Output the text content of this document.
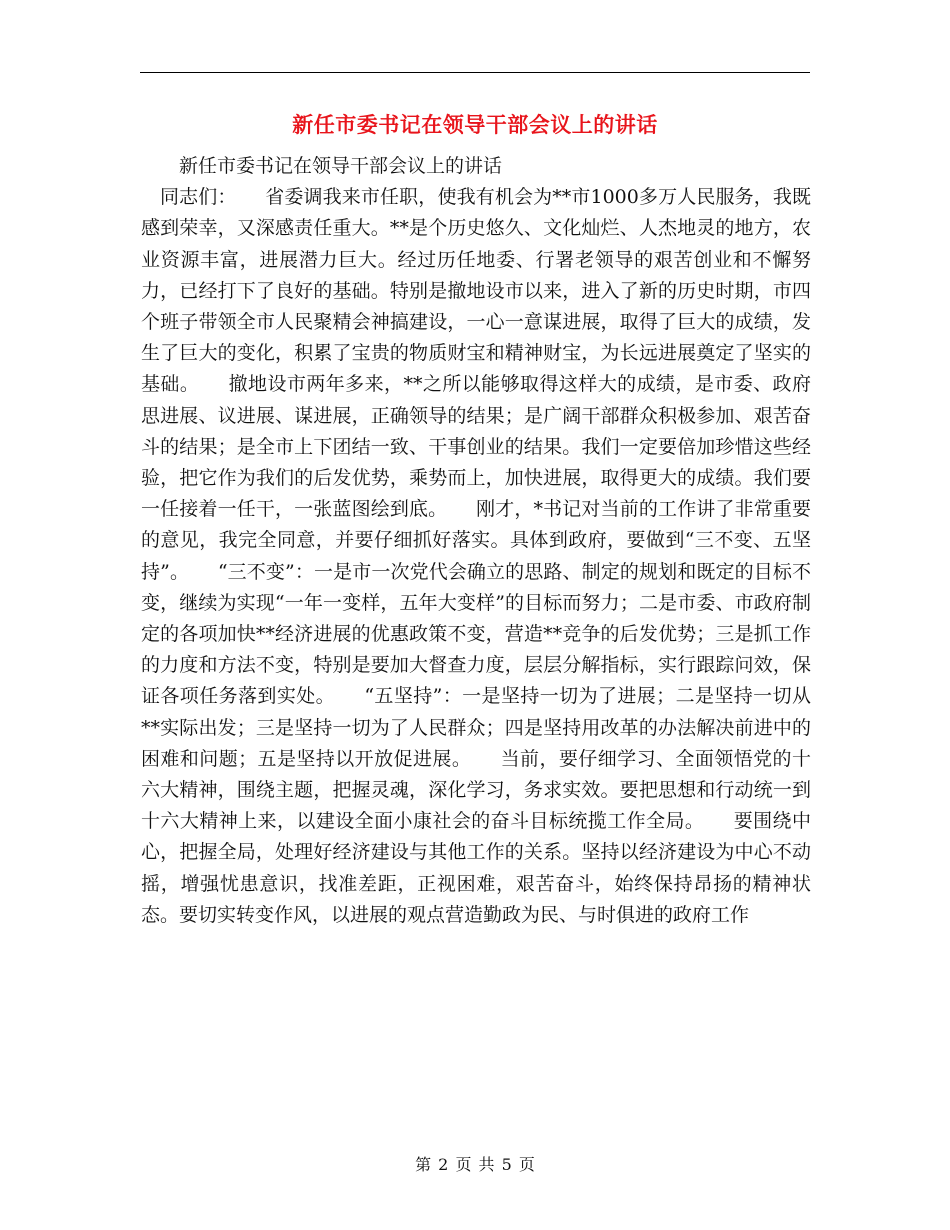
新任市委书记在领导干部会议上的讲话

新任市委书记在领导干部会议上的讲话

同志们：　　省委调我来市任职，使我有机会为**市1000多万人民服务，我既感到荣幸，又深感责任重大。**是个历史悠久、文化灿烂、人杰地灵的地方，农业资源丰富，进展潜力巨大。经过历任地委、行署老领导的艰苦创业和不懈努力，已经打下了良好的基础。特别是撤地设市以来，进入了新的历史时期，市四个班子带领全市人民聚精会神搞建设，一心一意谋进展，取得了巨大的成绩，发生了巨大的变化，积累了宝贵的物质财宝和精神财宝，为长远进展奠定了坚实的基础。　　撤地设市两年多来，**之所以能够取得这样大的成绩，是市委、政府思进展、议进展、谋进展，正确领导的结果；是广阔干部群众积极参加、艰苦奋斗的结果；是全市上下团结一致、干事创业的结果。我们一定要倍加珍惜这些经验，把它作为我们的后发优势，乘势而上，加快进展，取得更大的成绩。我们要一任接着一任干，一张蓝图绘到底。　　刚才，*书记对当前的工作讲了非常重要的意见，我完全同意，并要仔细抓好落实。具体到政府，要做到“三不变、五坚持”。　　“三不变”：一是市一次党代会确立的思路、制定的规划和既定的目标不变，继续为实现“一年一变样，五年大变样”的目标而努力；二是市委、市政府制定的各项加快**经济进展的优惠政策不变，营造**竞争的后发优势；三是抓工作的力度和方法不变，特别是要加大督查力度，层层分解指标，实行跟踪问效，保证各项任务落到实处。　　“五坚持”：一是坚持一切为了进展；二是坚持一切从**实际出发；三是坚持一切为了人民群众；四是坚持用改革的办法解决前进中的困难和问题；五是坚持以开放促进展。　　当前，要仔细学习、全面领悟党的十六大精神，围绕主题，把握灵魂，深化学习，务求实效。要把思想和行动统一到十六大精神上来，以建设全面小康社会的奋斗目标统揽工作全局。　　要围绕中心，把握全局，处理好经济建设与其他工作的关系。坚持以经济建设为中心不动摇，增强忧患意识，找准差距，正视困难，艰苦奋斗，始终保持昂扬的精神状态。要切实转变作风，以进展的观点营造勤政为民、与时俱进的政府工作

第 2 页 共 5 页
